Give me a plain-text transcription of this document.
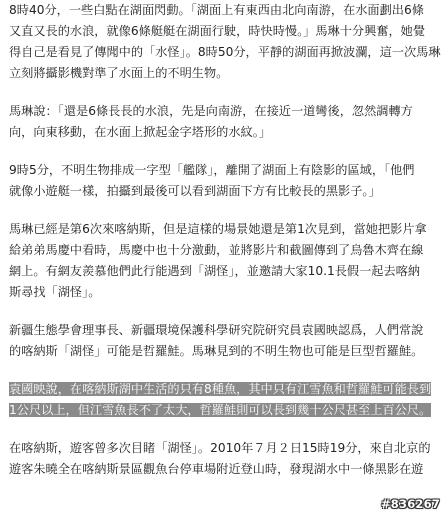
8時40分，一些白點在湖面閃動。「湖面上有東西由北向南游，在水面劃出6條
又直又長的水浪，就像6條艇艇在湖面行駛，時快時慢。」馬琳十分興奮，她覺
得自己是看見了傳聞中的「水怪」。8時50分，平靜的湖面再掀波瀾，這一次馬琳
立刻將攝影機對準了水面上的不明生物。

馬琳說：「還是6條長長的水浪，先是向南游，在接近一道彎後，忽然調轉方
向，向東移動，在水面上掀起金字塔形的水紋。」

9時5分，不明生物排成一字型「艦隊」，離開了湖面上有陰影的區域，「他們
就像小遊艇一樣，拍攝到最後可以看到湖面下方有比較長的黑影子。」

馬琳已經是第6次來喀納斯，但是這樣的場景她還是第1次見到，當她把影片拿
給弟弟馬慶中看時，馬慶中也十分激動，並將影片和截圖傳到了烏魯木齊在線
網上。有網友羨慕他們此行能遇到「湖怪」，並邀請大家10.1長假一起去喀納
斯尋找「湖怪」。

新疆生態學會理事長、新疆環境保護科學研究院研究員袁國映認爲，人們常說
的喀納斯「湖怪」可能是哲羅鮭。馬琳見到的不明生物也可能是巨型哲羅鮭。

袁國映說，在喀納斯湖中生活的只有8種魚，其中只有江雪魚和哲羅鮭可能長到
1公尺以上，但江雪魚長不了太大，哲羅鮭則可以長到幾十公尺甚至上百公尺。

在喀納斯，遊客曾多次目睹「湖怪」。2010年７月２日15時19分，來自北京的
遊客朱曉全在喀納斯景區觀魚台停車場附近登山時，發現湖水中一條黑影在遊

#836267
